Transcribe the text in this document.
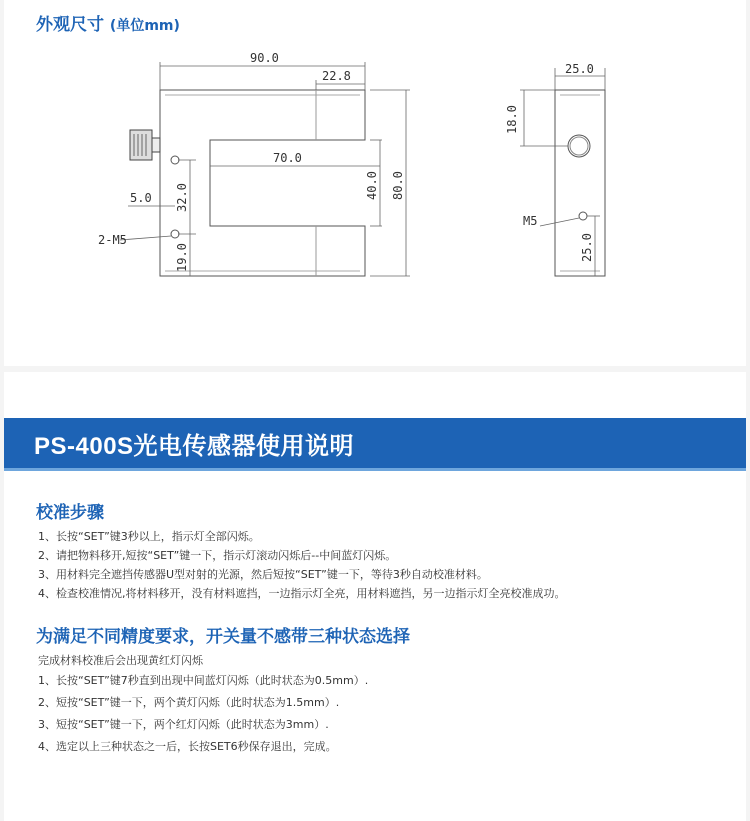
外观尺寸 (单位mm)
90.0
22.8
70.0
5.0 32.0
19.0
40.0 80.0
2-M5
25.0
18.0
M5
25.0
PS-400S光电传感器使用说明
校准步骤
1、长按“SET”键3秒以上，指示灯全部闪烁。
2、请把物料移开,短按“SET”键一下，指示灯滚动闪烁后--中间蓝灯闪烁。
3、用材料完全遮挡传感器U型对射的光源，然后短按“SET”键一下，等待3秒自动校准材料。
4、检查校准情况,将材料移开，没有材料遮挡，一边指示灯全亮，用材料遮挡，另一边指示灯全亮校准成功。
为满足不同精度要求，开关量不感带三种状态选择
完成材料校准后会出现黄红灯闪烁
1、长按“SET”键7秒直到出现中间蓝灯闪烁（此时状态为0.5mm）.
2、短按“SET”键一下，两个黄灯闪烁（此时状态为1.5mm）.
3、短按“SET”键一下，两个红灯闪烁（此时状态为3mm）.
4、选定以上三种状态之一后，长按SET6秒保存退出，完成。
